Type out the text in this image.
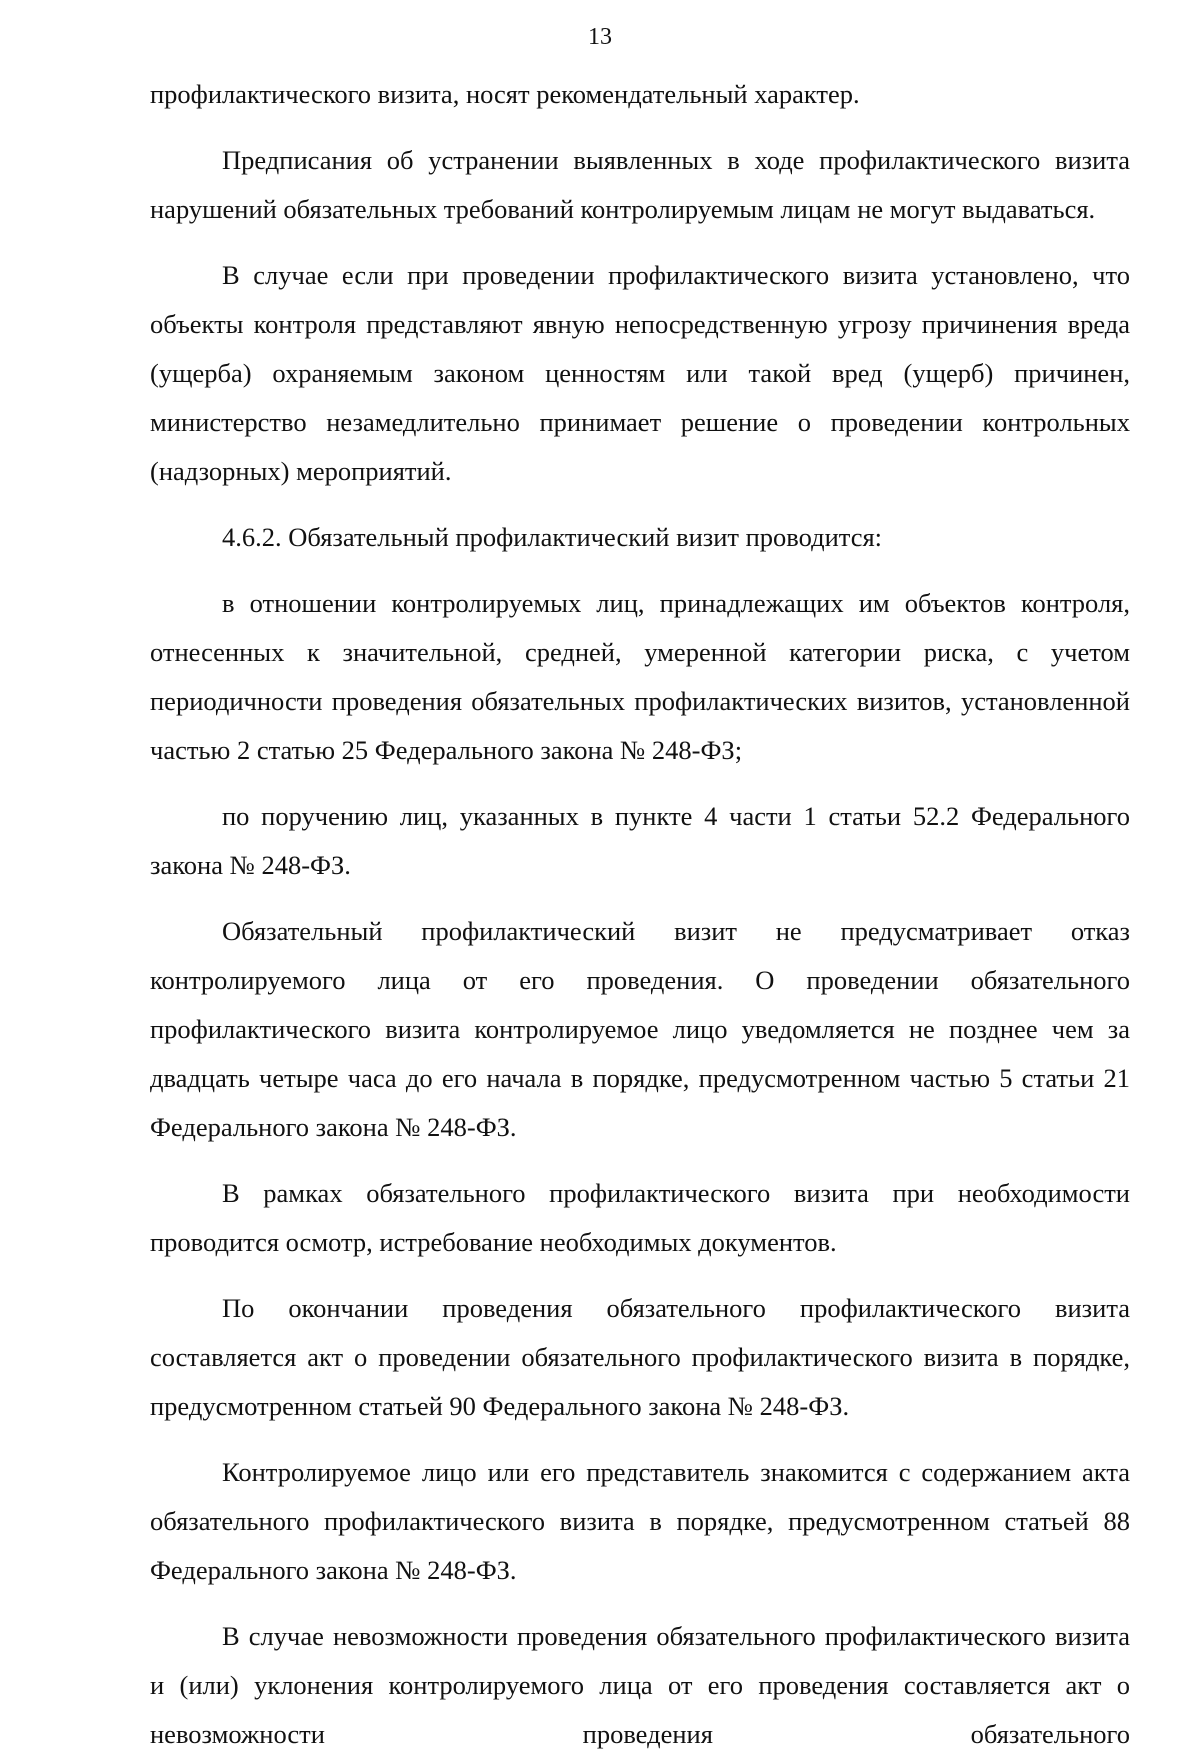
13

профилактического визита, носят рекомендательный характер.

Предписания об устранении выявленных в ходе профилактического визита нарушений обязательных требований контролируемым лицам не могут выдаваться.

В случае если при проведении профилактического визита установлено, что объекты контроля представляют явную непосредственную угрозу причинения вреда (ущерба) охраняемым законом ценностям или такой вред (ущерб) причинен, министерство незамедлительно принимает решение о проведении контрольных (надзорных) мероприятий.

4.6.2. Обязательный профилактический визит проводится:

в отношении контролируемых лиц, принадлежащих им объектов контроля, отнесенных к значительной, средней, умеренной категории риска, с учетом периодичности проведения обязательных профилактических визитов, установленной частью 2 статью 25 Федерального закона № 248-ФЗ;

по поручению лиц, указанных в пункте 4 части 1 статьи 52.2 Федерального закона № 248-ФЗ.

Обязательный профилактический визит не предусматривает отказ контролируемого лица от его проведения. О проведении обязательного профилактического визита контролируемое лицо уведомляется не позднее чем за двадцать четыре часа до его начала в порядке, предусмотренном частью 5 статьи 21 Федерального закона № 248-ФЗ.

В рамках обязательного профилактического визита при необходимости проводится осмотр, истребование необходимых документов.

По окончании проведения обязательного профилактического визита составляется акт о проведении обязательного профилактического визита в порядке, предусмотренном статьей 90 Федерального закона № 248-ФЗ.

Контролируемое лицо или его представитель знакомится с содержанием акта обязательного профилактического визита в порядке, предусмотренном статьей 88 Федерального закона № 248-ФЗ.

В случае невозможности проведения обязательного профилактического визита и (или) уклонения контролируемого лица от его проведения составляется акт о невозможности проведения обязательного
